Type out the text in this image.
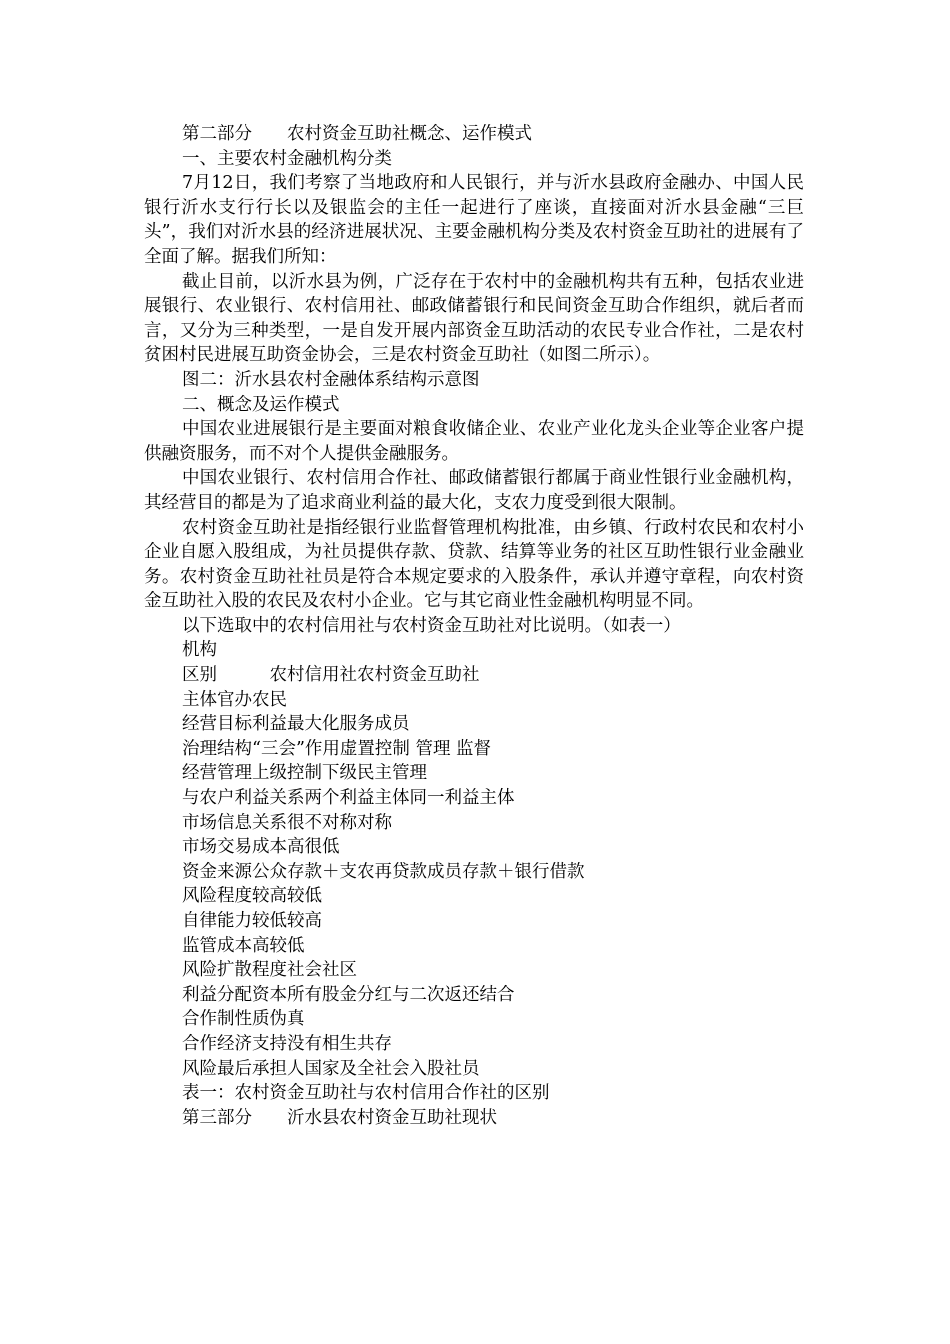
第二部分　　农村资金互助社概念、运作模式

一、主要农村金融机构分类

7月12日，我们考察了当地政府和人民银行，并与沂水县政府金融办、中国人民银行沂水支行行长以及银监会的主任一起进行了座谈，直接面对沂水县金融“三巨头”，我们对沂水县的经济进展状况、主要金融机构分类及农村资金互助社的进展有了全面了解。据我们所知：

截止目前，以沂水县为例，广泛存在于农村中的金融机构共有五种，包括农业进展银行、农业银行、农村信用社、邮政储蓄银行和民间资金互助合作组织，就后者而言，又分为三种类型，一是自发开展内部资金互助活动的农民专业合作社，二是农村贫困村民进展互助资金协会，三是农村资金互助社（如图二所示）。

图二：沂水县农村金融体系结构示意图

二、概念及运作模式

中国农业进展银行是主要面对粮食收储企业、农业产业化龙头企业等企业客户提供融资服务，而不对个人提供金融服务。

中国农业银行、农村信用合作社、邮政储蓄银行都属于商业性银行业金融机构，其经营目的都是为了追求商业利益的最大化，支农力度受到很大限制。

农村资金互助社是指经银行业监督管理机构批准，由乡镇、行政村农民和农村小企业自愿入股组成，为社员提供存款、贷款、结算等业务的社区互助性银行业金融业务。农村资金互助社社员是符合本规定要求的入股条件，承认并遵守章程，向农村资金互助社入股的农民及农村小企业。它与其它商业性金融机构明显不同。

以下选取中的农村信用社与农村资金互助社对比说明。（如表一）

机构

区别　　　农村信用社农村资金互助社

主体官办农民

经营目标利益最大化服务成员

治理结构“三会”作用虚置控制 管理 监督

经营管理上级控制下级民主管理

与农户利益关系两个利益主体同一利益主体

市场信息关系很不对称对称

市场交易成本高很低

资金来源公众存款＋支农再贷款成员存款＋银行借款

风险程度较高较低

自律能力较低较高

监管成本高较低

风险扩散程度社会社区

利益分配资本所有股金分红与二次返还结合

合作制性质伪真

合作经济支持没有相生共存

风险最后承担人国家及全社会入股社员

表一：农村资金互助社与农村信用合作社的区别

第三部分　　沂水县农村资金互助社现状
